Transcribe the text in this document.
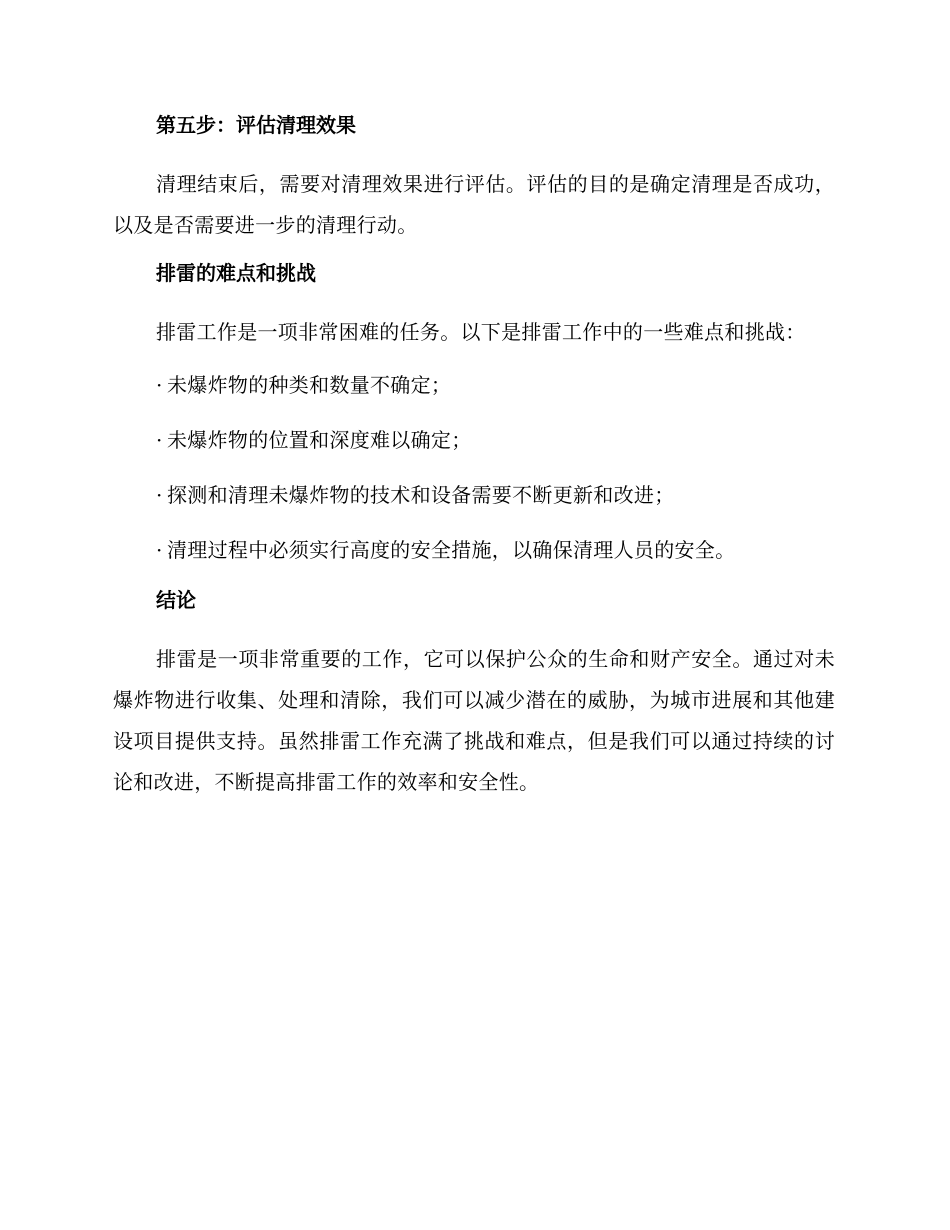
第五步：评估清理效果
清理结束后，需要对清理效果进行评估。评估的目的是确定清理是否成功，以及是否需要进一步的清理行动。
排雷的难点和挑战
排雷工作是一项非常困难的任务。以下是排雷工作中的一些难点和挑战：
· 未爆炸物的种类和数量不确定；
· 未爆炸物的位置和深度难以确定；
· 探测和清理未爆炸物的技术和设备需要不断更新和改进；
· 清理过程中必须实行高度的安全措施，以确保清理人员的安全。
结论
排雷是一项非常重要的工作，它可以保护公众的生命和财产安全。通过对未爆炸物进行收集、处理和清除，我们可以减少潜在的威胁，为城市进展和其他建设项目提供支持。虽然排雷工作充满了挑战和难点，但是我们可以通过持续的讨论和改进，不断提高排雷工作的效率和安全性。
